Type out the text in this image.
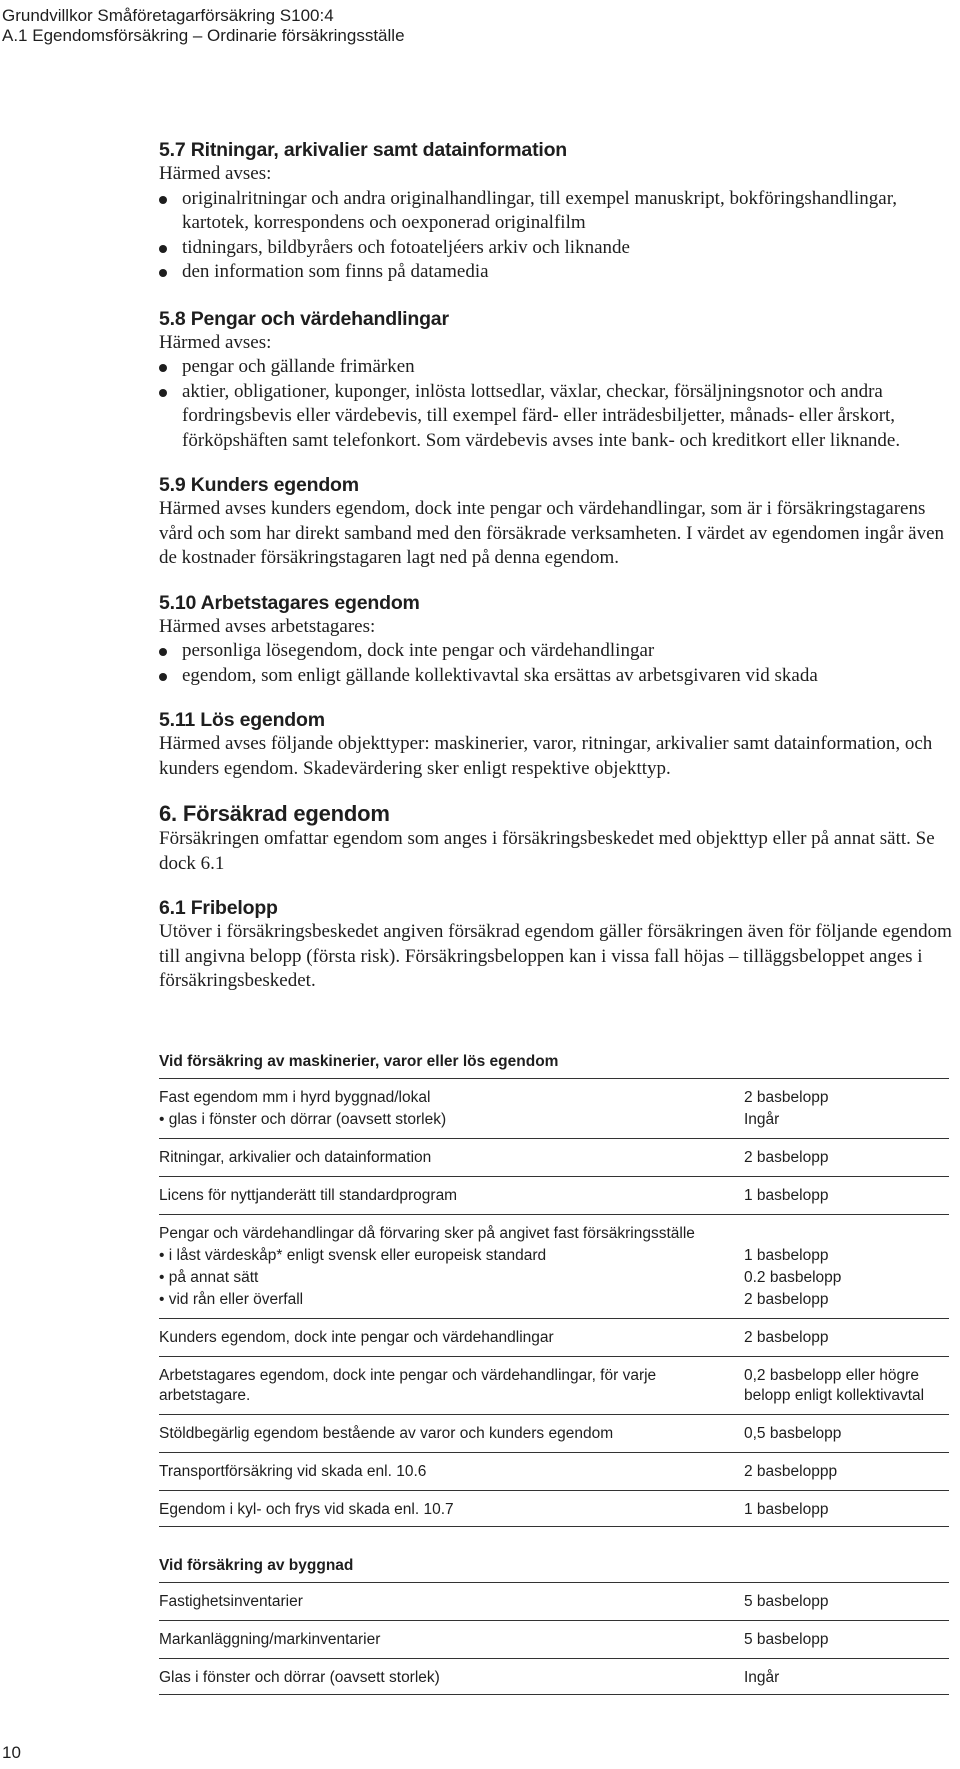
Grundvillkor Småföretagarförsäkring S100:4
A.1 Egendomsförsäkring – Ordinarie försäkringsställe
5.7 Ritningar, arkivalier samt datainformation

Härmed avses:

originalritningar och andra originalhandlingar, till exempel manuskript, bokföringshandlingar, kartotek, korrespondens och oexponerad originalfilm
tidningars, bildbyråers och fotoateljéers arkiv och liknande
den information som finns på datamedia
5.8 Pengar och värdehandlingar

Härmed avses:

pengar och gällande frimärken
aktier, obligationer, kuponger, inlösta lottsedlar, växlar, checkar, försäljningsnotor och andra fordringsbevis eller värdebevis, till exempel färd- eller inträdesbiljetter, månads- eller årskort, förköpshäften samt telefonkort. Som värdebevis avses inte bank- och kreditkort eller liknande.
5.9 Kunders egendom

Härmed avses kunders egendom, dock inte pengar och värdehandlingar, som är i försäkringstagarens vård och som har direkt samband med den försäkrade verksamheten. I värdet av egendomen ingår även de kostnader försäkringstagaren lagt ned på denna egendom.

5.10 Arbetstagares egendom

Härmed avses arbetstagares:

personliga lösegendom, dock inte pengar och värdehandlingar
egendom, som enligt gällande kollektivavtal ska ersättas av arbetsgivaren vid skada
5.11 Lös egendom

Härmed avses följande objekttyper: maskinerier, varor, ritningar, arkivalier samt datainformation, och kunders egendom. Skadevärdering sker enligt respektive objekttyp.

6. Försäkrad egendom

Försäkringen omfattar egendom som anges i försäkringsbeskedet med objekttyp eller på annat sätt. Se dock 6.1

6.1 Fribelopp

Utöver i försäkringsbeskedet angiven försäkrad egendom gäller försäkringen även för följande egendom till angivna belopp (första risk). Försäkringsbeloppen kan i vissa fall höjas – tilläggsbeloppet anges i försäkringsbeskedet.

Vid försäkring av maskinerier, varor eller lös egendom	
Fast egendom mm i hyrd byggnad/lokal	2 basbelopp
• glas i fönster och dörrar (oavsett storlek)	Ingår
Ritningar, arkivalier och datainformation	2 basbelopp
Licens för nyttjanderätt till standardprogram	1 basbelopp
Pengar och värdehandlingar då förvaring sker på angivet fast försäkringsställe	
• i låst värdeskåp* enligt svensk eller europeisk standard	1 basbelopp
• på annat sätt	0.2 basbelopp
• vid rån eller överfall	2 basbelopp
Kunders egendom, dock inte pengar och värdehandlingar	2 basbelopp
Arbetstagares egendom, dock inte pengar och värdehandlingar, för varje arbetstagare.	0,2 basbelopp eller högre belopp enligt kollektivavtal
Stöldbegärlig egendom bestående av varor och kunders egendom	0,5 basbelopp
Transportförsäkring vid skada enl. 10.6	2 basbeloppp
Egendom i kyl- och frys vid skada enl. 10.7	1 basbelopp
Vid försäkring av byggnad	
Fastighetsinventarier	5 basbelopp
Markanläggning/markinventarier	5 basbelopp
Glas i fönster och dörrar (oavsett storlek)	Ingår
10
